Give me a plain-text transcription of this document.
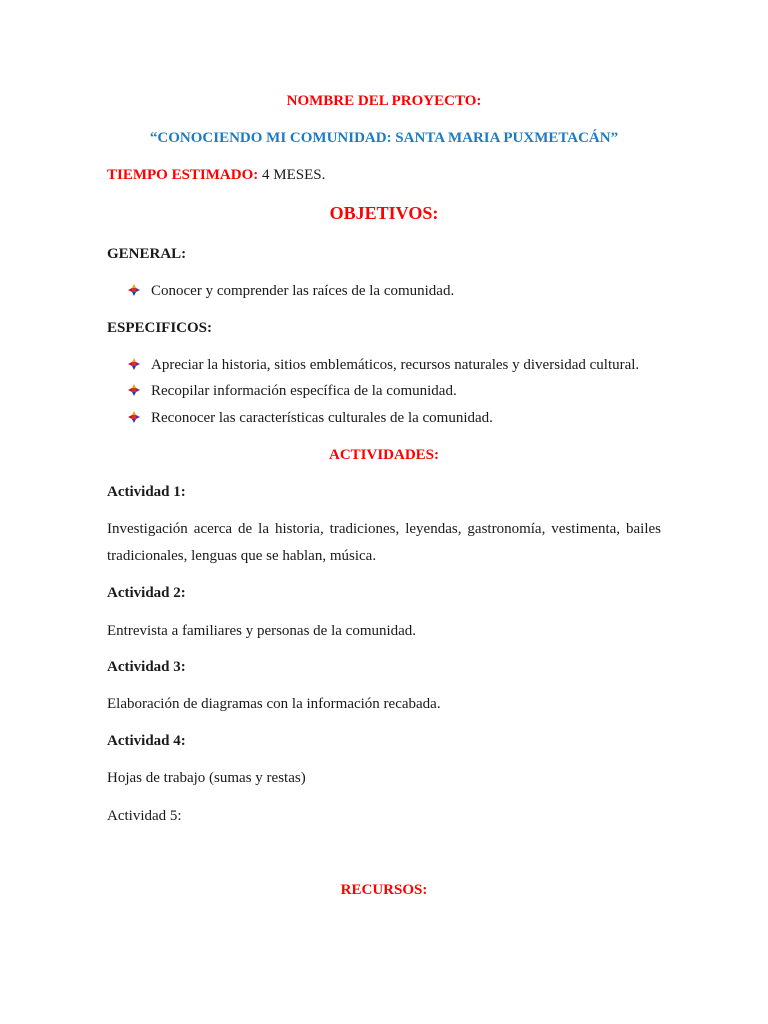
NOMBRE DEL PROYECTO:
“CONOCIENDO MI COMUNIDAD: SANTA MARIA PUXMETACÁN”
TIEMPO ESTIMADO: 4 MESES.
OBJETIVOS:
GENERAL:
Conocer y comprender las raíces de la comunidad.
ESPECIFICOS:
Apreciar la historia, sitios emblemáticos, recursos naturales y diversidad cultural.
Recopilar información específica de la comunidad.
Reconocer las características culturales de la comunidad.
ACTIVIDADES:
Actividad 1:
Investigación acerca de la historia, tradiciones, leyendas, gastronomía, vestimenta, bailes
tradicionales, lenguas que se hablan, música.
Actividad 2:
Entrevista a familiares y personas de la comunidad.
Actividad 3:
Elaboración de diagramas con la información recabada.
Actividad 4:
Hojas de trabajo (sumas y restas)
Actividad 5:
RECURSOS:
